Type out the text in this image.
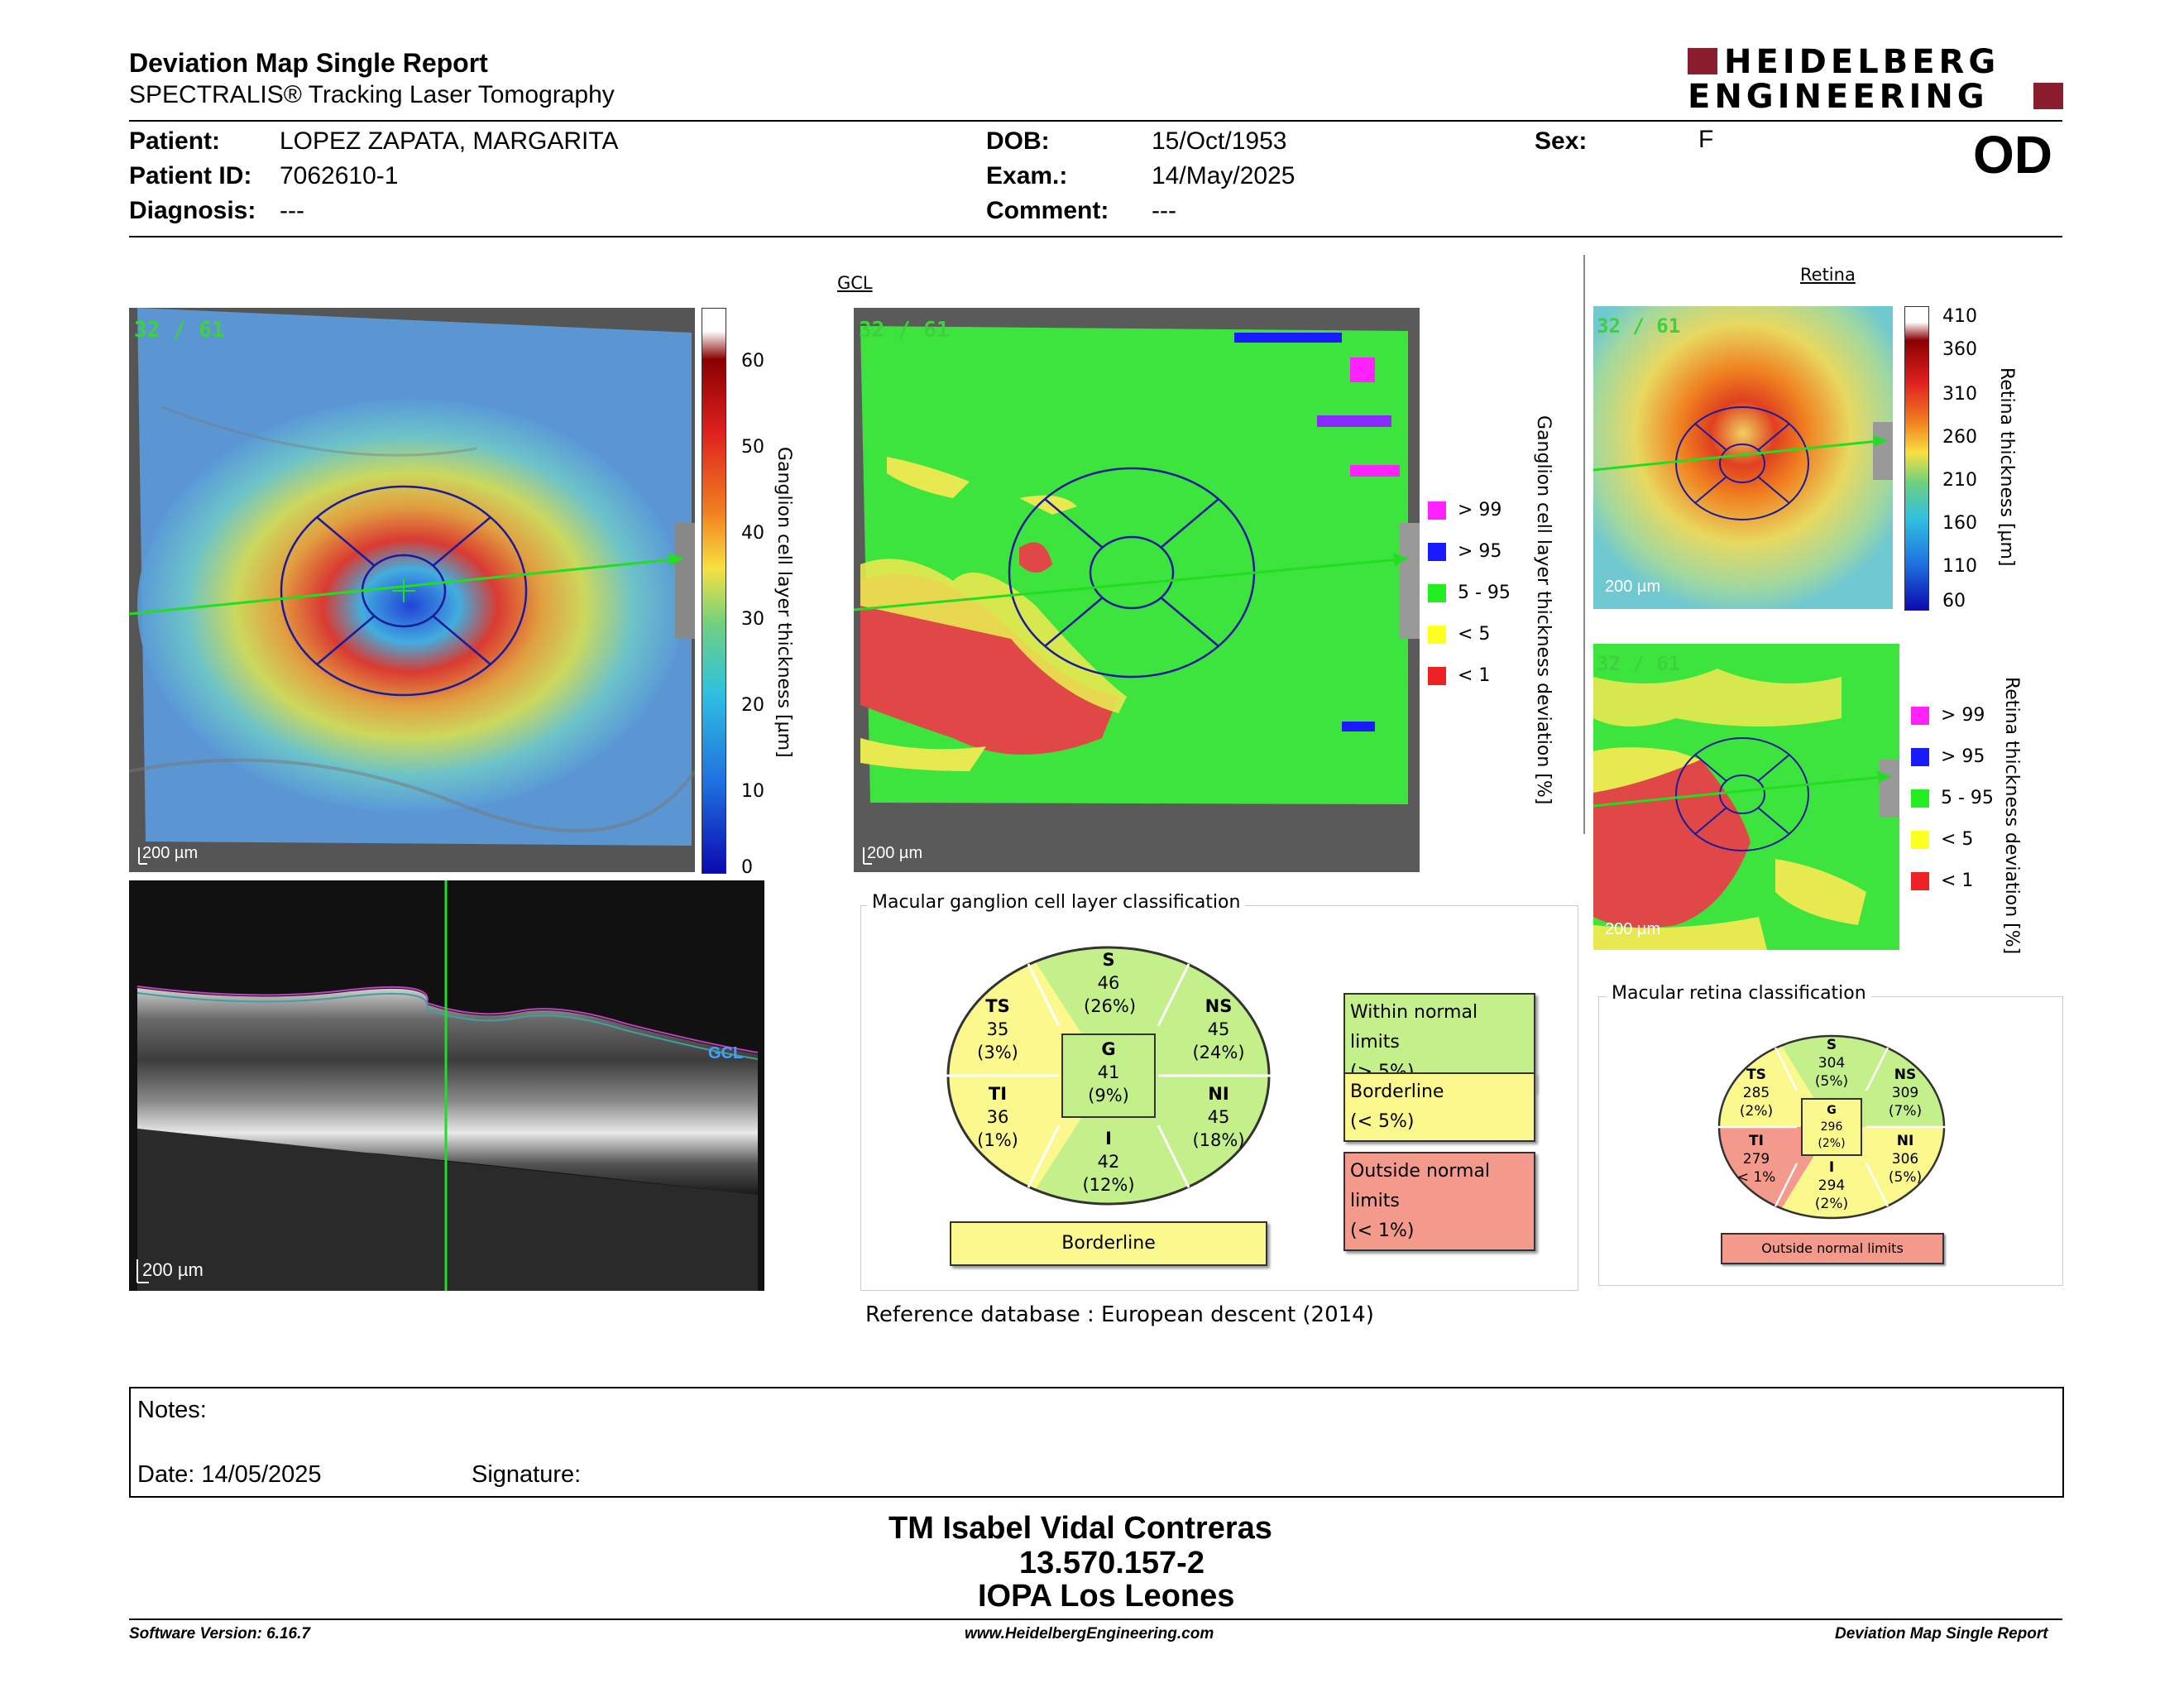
Deviation Map Single Report
SPECTRALIS® Tracking Laser Tomography
HEIDELBERG
ENGINEERING
Patient: LOPEZ ZAPATA, MARGARITA
Patient ID: 7062610-1
Diagnosis: ---
DOB:	15/Oct/1953
Exam.:	14/May/2025
Comment: ---
Sex:	F	OD
32 / 61
200 µm
60
50
40
30
20
10
0
Ganglion cell layer thickness [µm]
GCL
200 µm
GCL
32 / 61
200 µm
> 99
> 95
5 - 95
< 5
< 1 Ganglion cell layer thickness deviation [%]
Retina
32 / 61
200 µm
410
360
310
260
210
160
110
60
Retina thickness [µm]
32 / 61
200 µm
> 99
> 95
5 - 95
< 5
< 1 Retina thickness deviation [%]
Macular ganglion cell layer classification
S
46
(26%)
TS
35
(3%)
NS
45
(24%)
G
41
(9%)
TI
36
(1%)
NI
45
(18%)
I
42
(12%)
Borderline
Within normal limits
Borderline
(< 5%)
Outside normal limits
(< 1%)
Reference database : European descent (2014)
Macular retina classification
S
304
(5%)
TS
285
(2%)
NS
309
(7%)
G
296
(2%)
TI
279
< 1%
NI
306
(5%)
I
294
(2%)
Outside normal limits
Notes:
Date: 14/05/2025	Signature:
TM Isabel Vidal Contreras
13.570.157-2
IOPA Los Leones
Software Version: 6.16.7	www.HeidelbergEngineering.com	Deviation Map Single Report
